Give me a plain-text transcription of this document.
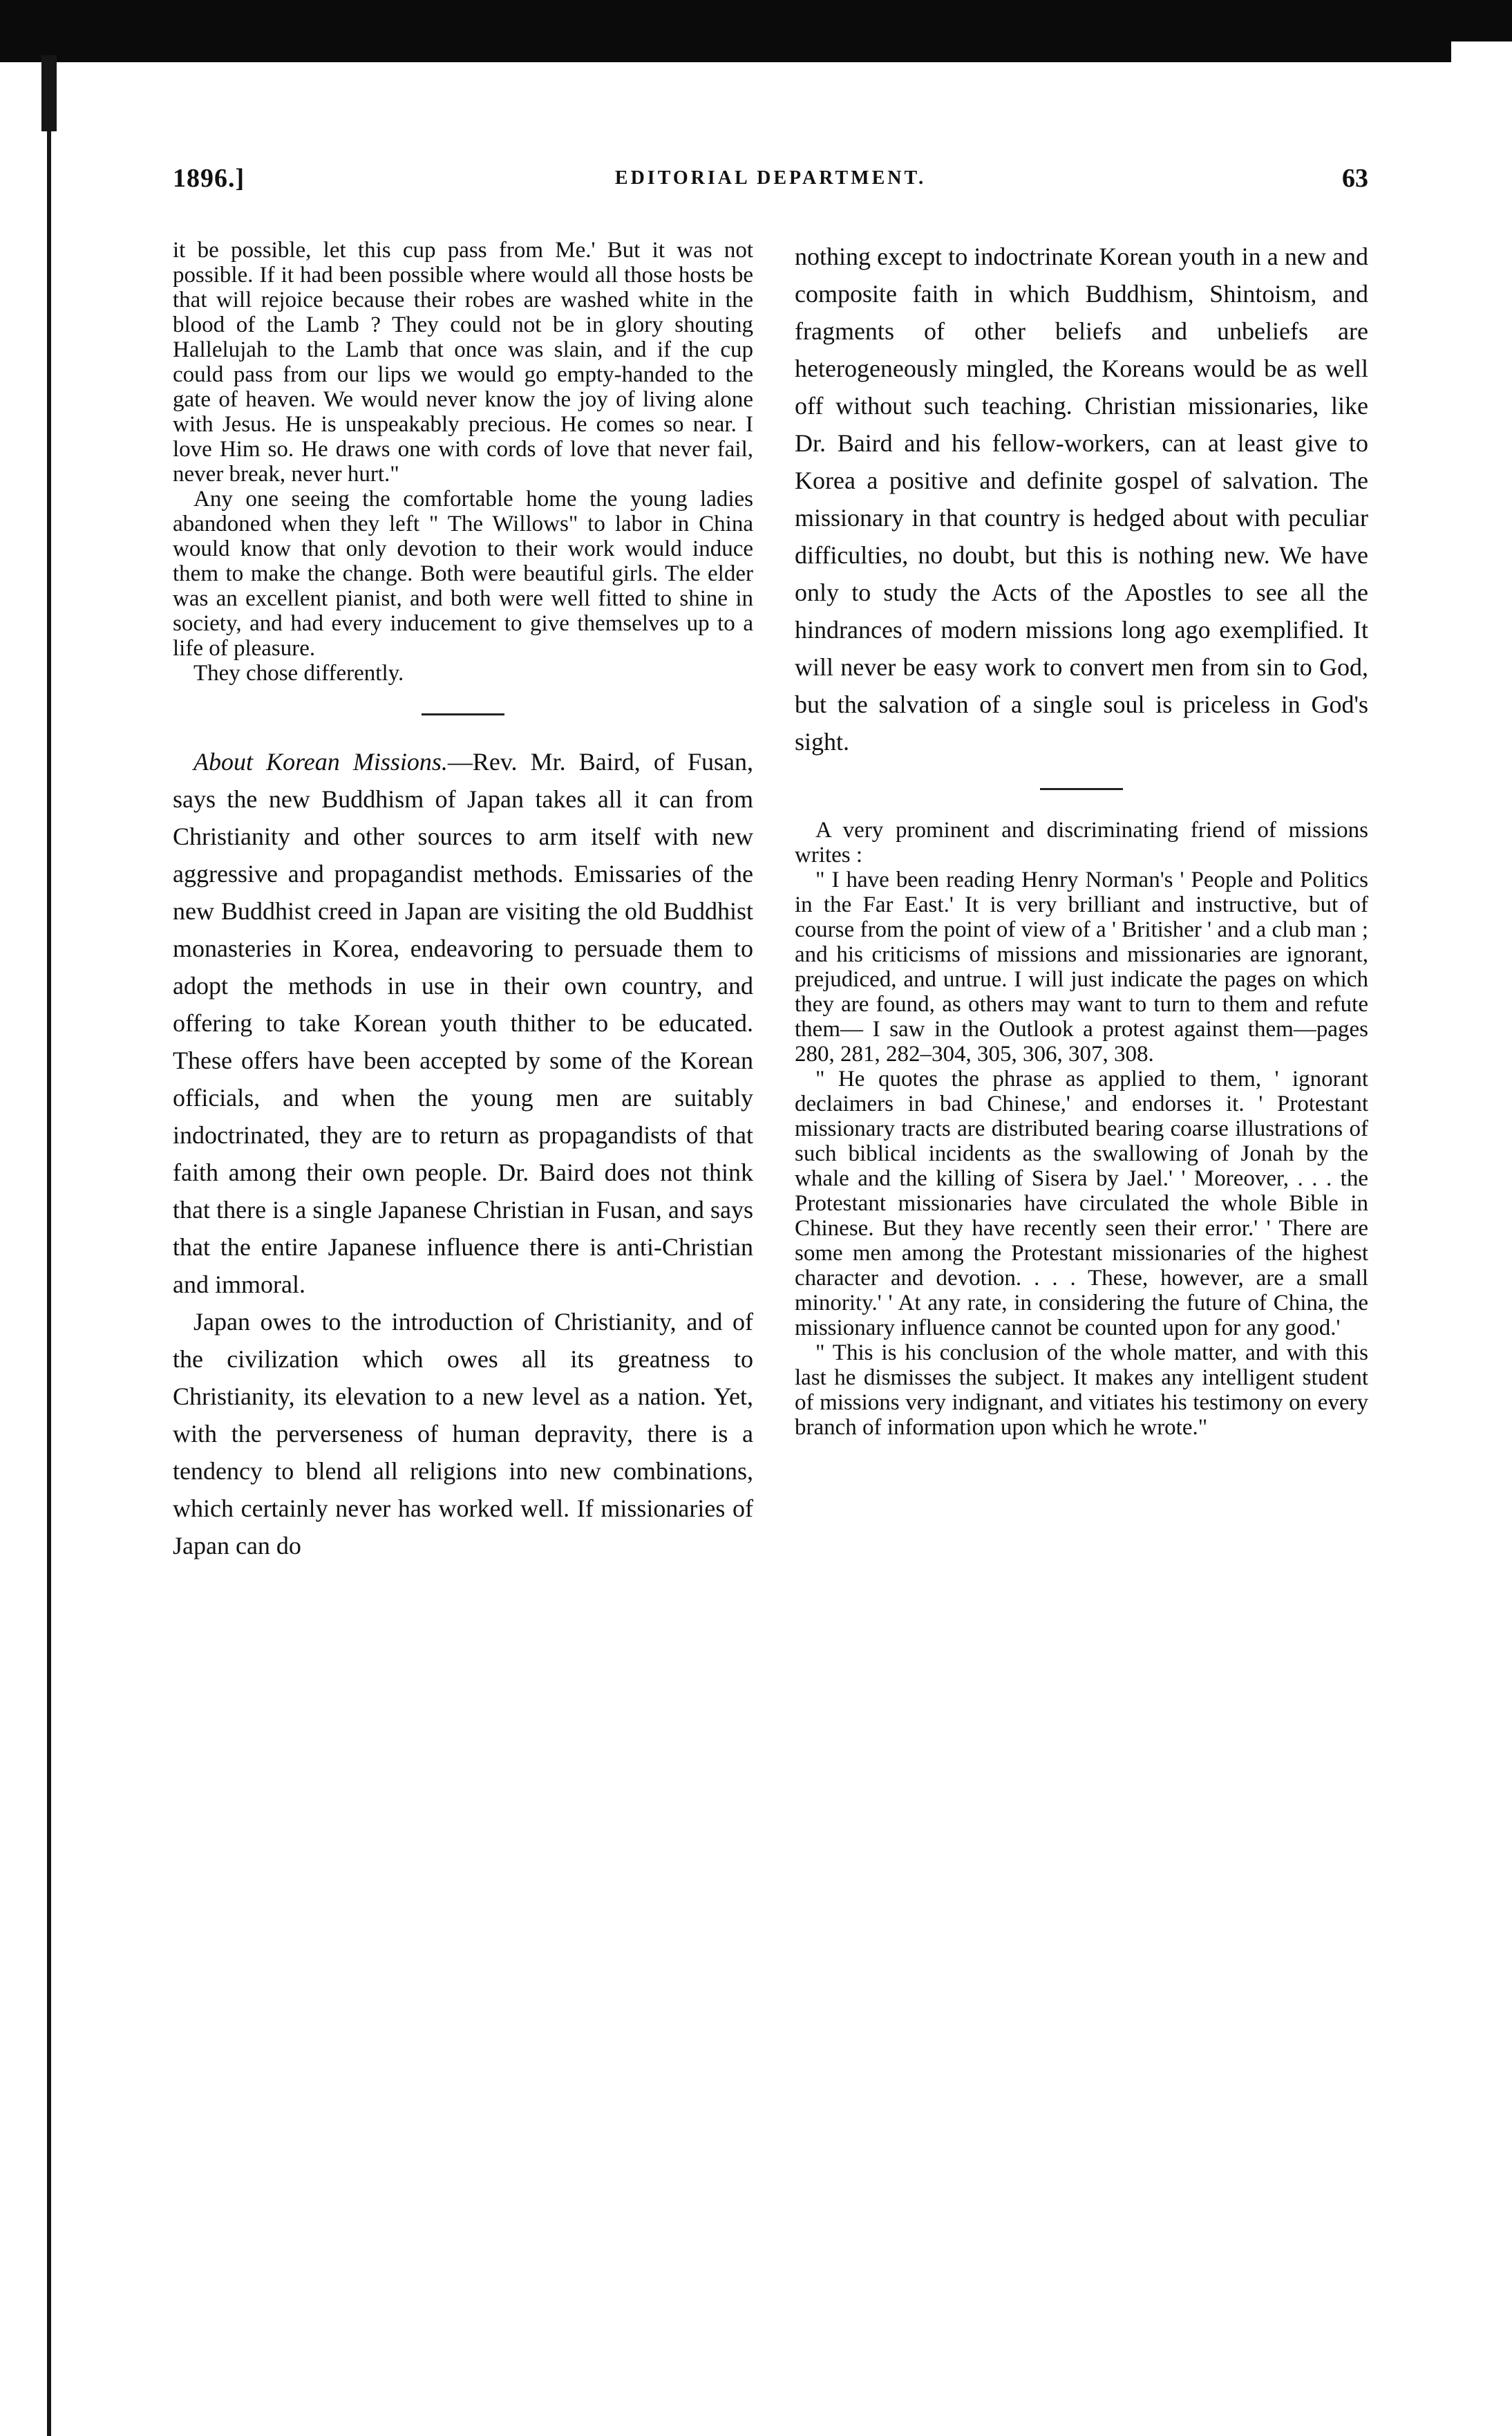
1896.]	EDITORIAL DEPARTMENT.	63

it be possible, let this cup pass from Me.' But it was not possible. If it had been possible where would all those hosts be that will rejoice because their robes are washed white in the blood of the Lamb ? They could not be in glory shouting Hallelujah to the Lamb that once was slain, and if the cup could pass from our lips we would go empty-handed to the gate of heaven. We would never know the joy of living alone with Jesus. He is unspeakably precious. He comes so near. I love Him so. He draws one with cords of love that never fail, never break, never hurt."

Any one seeing the comfortable home the young ladies abandoned when they left " The Willows" to labor in China would know that only devotion to their work would induce them to make the change. Both were beautiful girls. The elder was an excellent pianist, and both were well fitted to shine in society, and had every inducement to give themselves up to a life of pleasure.

They chose differently.

About Korean Missions.—Rev. Mr. Baird, of Fusan, says the new Buddhism of Japan takes all it can from Christianity and other sources to arm itself with new aggressive and propagandist methods. Emissaries of the new Buddhist creed in Japan are visiting the old Buddhist monasteries in Korea, endeavoring to persuade them to adopt the methods in use in their own country, and offering to take Korean youth thither to be educated. These offers have been accepted by some of the Korean officials, and when the young men are suitably indoctrinated, they are to return as propagandists of that faith among their own people. Dr. Baird does not think that there is a single Japanese Christian in Fusan, and says that the entire Japanese influence there is anti-Christian and immoral.

Japan owes to the introduction of Christianity, and of the civilization which owes all its greatness to Christianity, its elevation to a new level as a nation. Yet, with the perverseness of human depravity, there is a tendency to blend all religions into new combinations, which certainly never has worked well. If missionaries of Japan can do

nothing except to indoctrinate Korean youth in a new and composite faith in which Buddhism, Shintoism, and fragments of other beliefs and unbeliefs are heterogeneously mingled, the Koreans would be as well off without such teaching. Christian missionaries, like Dr. Baird and his fellow-workers, can at least give to Korea a positive and definite gospel of salvation. The missionary in that country is hedged about with peculiar difficulties, no doubt, but this is nothing new. We have only to study the Acts of the Apostles to see all the hindrances of modern missions long ago exemplified. It will never be easy work to convert men from sin to God, but the salvation of a single soul is priceless in God's sight.

A very prominent and discriminating friend of missions writes :

" I have been reading Henry Norman's ' People and Politics in the Far East.' It is very brilliant and instructive, but of course from the point of view of a ' Britisher ' and a club man ; and his criticisms of missions and missionaries are ignorant, prejudiced, and untrue. I will just indicate the pages on which they are found, as others may want to turn to them and refute them— I saw in the Outlook a protest against them—pages 280, 281, 282–304, 305, 306, 307, 308.

" He quotes the phrase as applied to them, ' ignorant declaimers in bad Chinese,' and endorses it. ' Protestant missionary tracts are distributed bearing coarse illustrations of such biblical incidents as the swallowing of Jonah by the whale and the killing of Sisera by Jael.' ' Moreover, . . . the Protestant missionaries have circulated the whole Bible in Chinese. But they have recently seen their error.' ' There are some men among the Protestant missionaries of the highest character and devotion. . . . These, however, are a small minority.' ' At any rate, in considering the future of China, the missionary influence cannot be counted upon for any good.'

" This is his conclusion of the whole matter, and with this last he dismisses the subject. It makes any intelligent student of missions very indignant, and vitiates his testimony on every branch of information upon which he wrote."
